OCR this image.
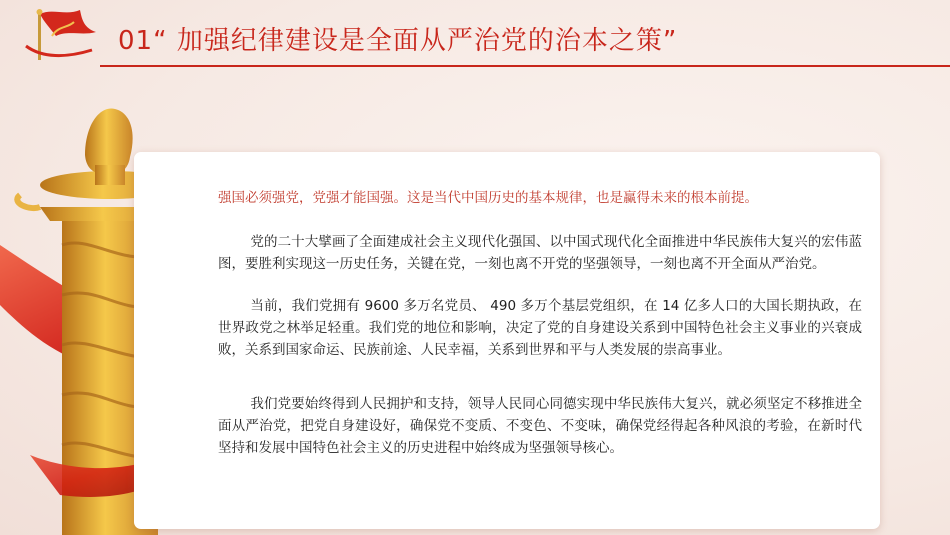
01“ 加强纪律建设是全面从严治党的治本之策”
强国必须强党，党强才能国强。这是当代中国历史的基本规律，也是赢得未来的根本前提。

党的二十大擘画了全面建成社会主义现代化强国、以中国式现代化全面推进中华民族伟大复兴的宏伟蓝图，要胜利实现这一历史任务，关键在党，一刻也离不开党的坚强领导，一刻也离不开全面从严治党。

当前，我们党拥有 9600 多万名党员、 490 多万个基层党组织，在 14 亿多人口的大国长期执政，在世界政党之林举足轻重。我们党的地位和影响，决定了党的自身建设关系到中国特色社会主义事业的兴衰成败，关系到国家命运、民族前途、人民幸福，关系到世界和平与人类发展的崇高事业。

我们党要始终得到人民拥护和支持，领导人民同心同德实现中华民族伟大复兴，就必须坚定不移推进全面从严治党，把党自身建设好，确保党不变质、不变色、不变味，确保党经得起各种风浪的考验，在新时代坚持和发展中国特色社会主义的历史进程中始终成为坚强领导核心。
